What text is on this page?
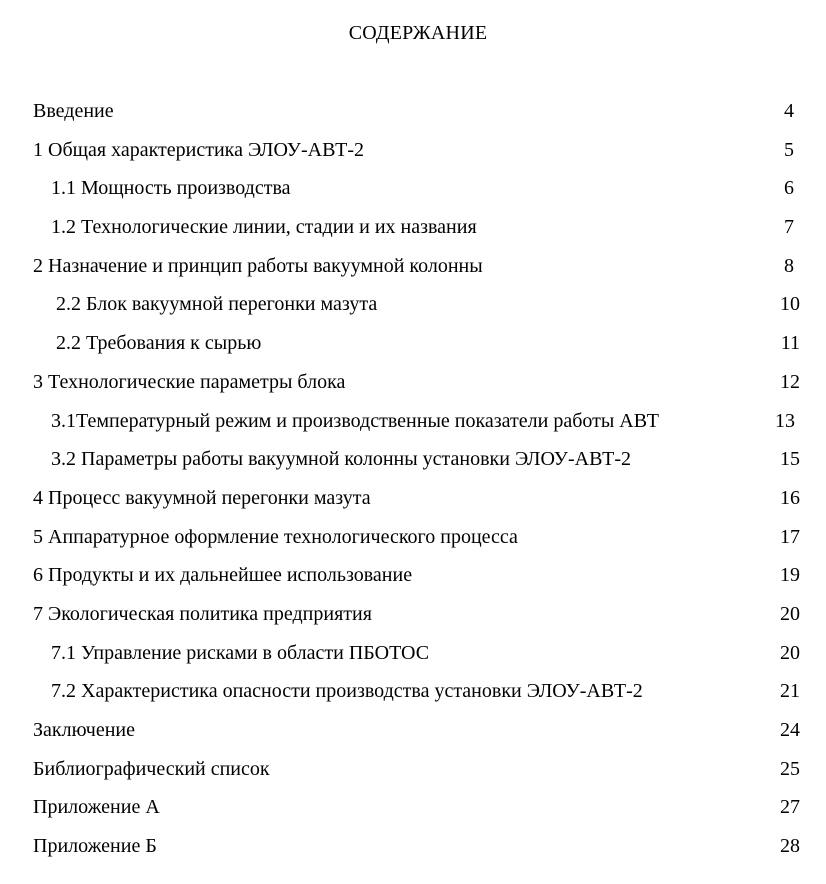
СОДЕРЖАНИЕ
Введение	4
1 Общая характеристика ЭЛОУ-АВТ-2	5
1.1 Мощность производства	6
1.2 Технологические линии, стадии и их названия	7
2 Назначение и принцип работы вакуумной колонны	8
2.2 Блок вакуумной перегонки мазута	10
2.2 Требования к сырью	11
3 Технологические параметры блока	12
3.1Температурный режим и производственные показатели работы АВТ	13
3.2 Параметры работы вакуумной колонны установки ЭЛОУ-АВТ-2	15
4 Процесс вакуумной перегонки мазута	16
5 Аппаратурное оформление технологического процесса	17
6 Продукты и их дальнейшее использование	19
7 Экологическая политика предприятия	20
7.1 Управление рисками в области ПБОТОС	20
7.2 Характеристика опасности производства установки ЭЛОУ-АВТ-2	21
Заключение	24
Библиографический список	25
Приложение А	27
Приложение Б	28
